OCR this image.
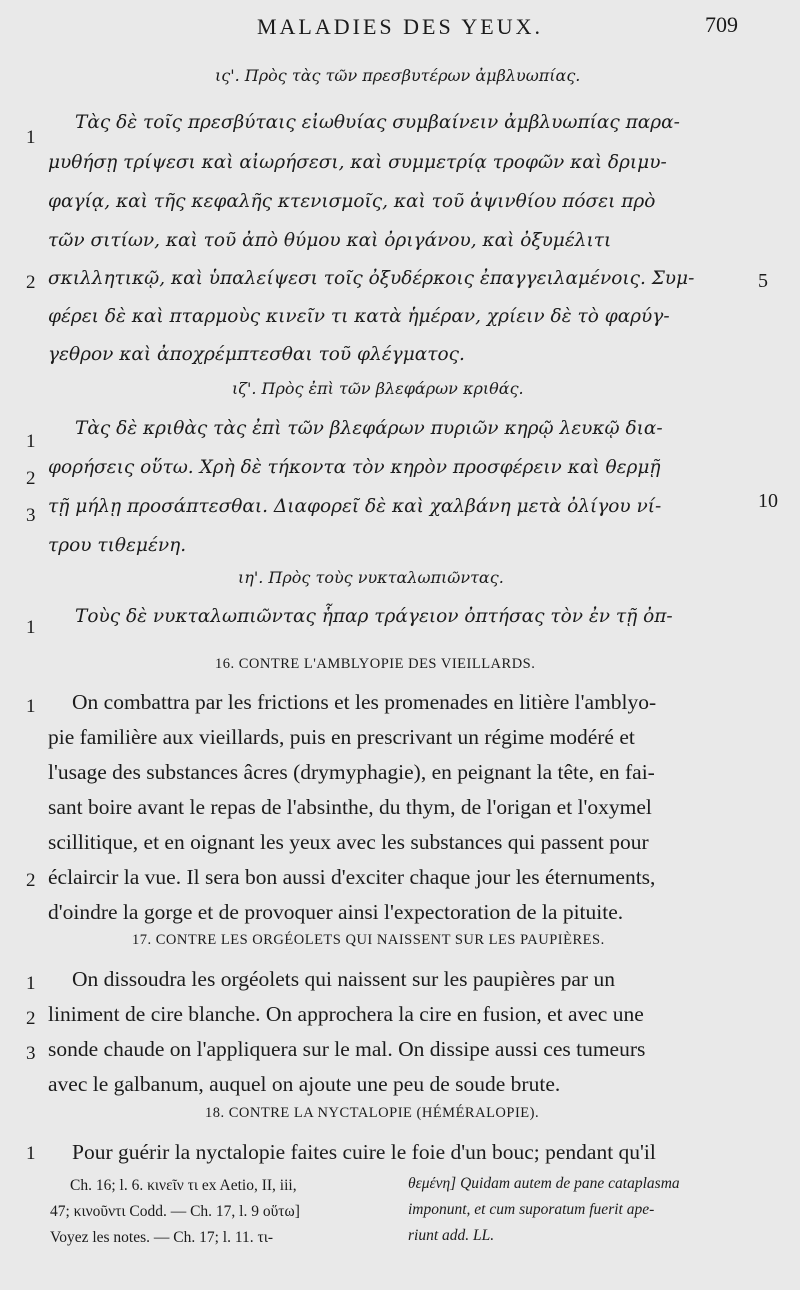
MALADIES DES YEUX.	709
ις'. Πρὸς τὰς τῶν πρεσβυτέρων ἀμβλυωπίας.
Τὰς δὲ τοῖς πρεσβύταις εἰωθυίας συμβαίνειν ἀμβλυωπίας παρα-
μυθήσῃ τρίψεσι καὶ αἰωρήσεσι, καὶ συμμετρίᾳ τροφῶν καὶ δριμυ-
φαγίᾳ, καὶ τῆς κεφαλῆς κτενισμοῖς, καὶ τοῦ ἀψινθίου πόσει πρὸ
τῶν σιτίων, καὶ τοῦ ἀπὸ θύμου καὶ ὀριγάνου, καὶ ὀξυμέλιτι
σκιλλητικῷ, καὶ ὑπαλείψεσι τοῖς ὀξυδέρκοις ἐπαγγειλαμένοις. Συμ-
φέρει δὲ καὶ πταρμοὺς κινεῖν τι κατὰ ἡμέραν, χρίειν δὲ τὸ φαρύγ-
γεθρον καὶ ἀποχρέμπτεσθαι τοῦ φλέγματος.
ιζ'. Πρὸς ἐπὶ τῶν βλεφάρων κριθάς.
Τὰς δὲ κριθὰς τὰς ἐπὶ τῶν βλεφάρων πυριῶν κηρῷ λευκῷ δια-
φορήσεις οὕτω. Χρὴ δὲ τήκοντα τὸν κηρὸν προσφέρειν καὶ θερμῇ
τῇ μήλῃ προσάπτεσθαι. Διαφορεῖ δὲ καὶ χαλβάνη μετὰ ὀλίγου νί-
τρου τιθεμένη.
ιη'. Πρὸς τοὺς νυκταλωπιῶντας.
Τοὺς δὲ νυκταλωπιῶντας ἧπαρ τράγειον ὀπτήσας τὸν ἐν τῇ ὀπ-
16. CONTRE L'AMBLYOPIE DES VIEILLARDS.
On combattra par les frictions et les promenades en litière l'amblyo-
pie familière aux vieillards, puis en prescrivant un régime modéré et
l'usage des substances âcres (drymyphagie), en peignant la tête, en fai-
sant boire avant le repas de l'absinthe, du thym, de l'origan et l'oxymel
scillitique, et en oignant les yeux avec les substances qui passent pour
éclaircir la vue. Il sera bon aussi d'exciter chaque jour les éternuments,
d'oindre la gorge et de provoquer ainsi l'expectoration de la pituite.
17. CONTRE LES ORGÉOLETS QUI NAISSENT SUR LES PAUPIÈRES.
On dissoudra les orgéolets qui naissent sur les paupières par un
liniment de cire blanche. On approchera la cire en fusion, et avec une
sonde chaude on l'appliquera sur le mal. On dissipe aussi ces tumeurs
avec le galbanum, auquel on ajoute une peu de soude brute.
18. CONTRE LA NYCTALOPIE (HÉMÉRALOPIE).
Pour guérir la nyctalopie faites cuire le foie d'un bouc; pendant qu'il
1
2
1
2
3
1
1
2
1
2
3
1
5
10
Ch. 16; l. 6. κινεῖν τι ex Aetio, II, iii,
47; κινοῦντι Codd. — Ch. 17, l. 9 οὕτω]
Voyez les notes. — Ch. 17; l. 11. τι-
θεμένη] Quidam autem de pane cataplasma
imponunt, et cum suporatum fuerit ape-
riunt add. LL.
